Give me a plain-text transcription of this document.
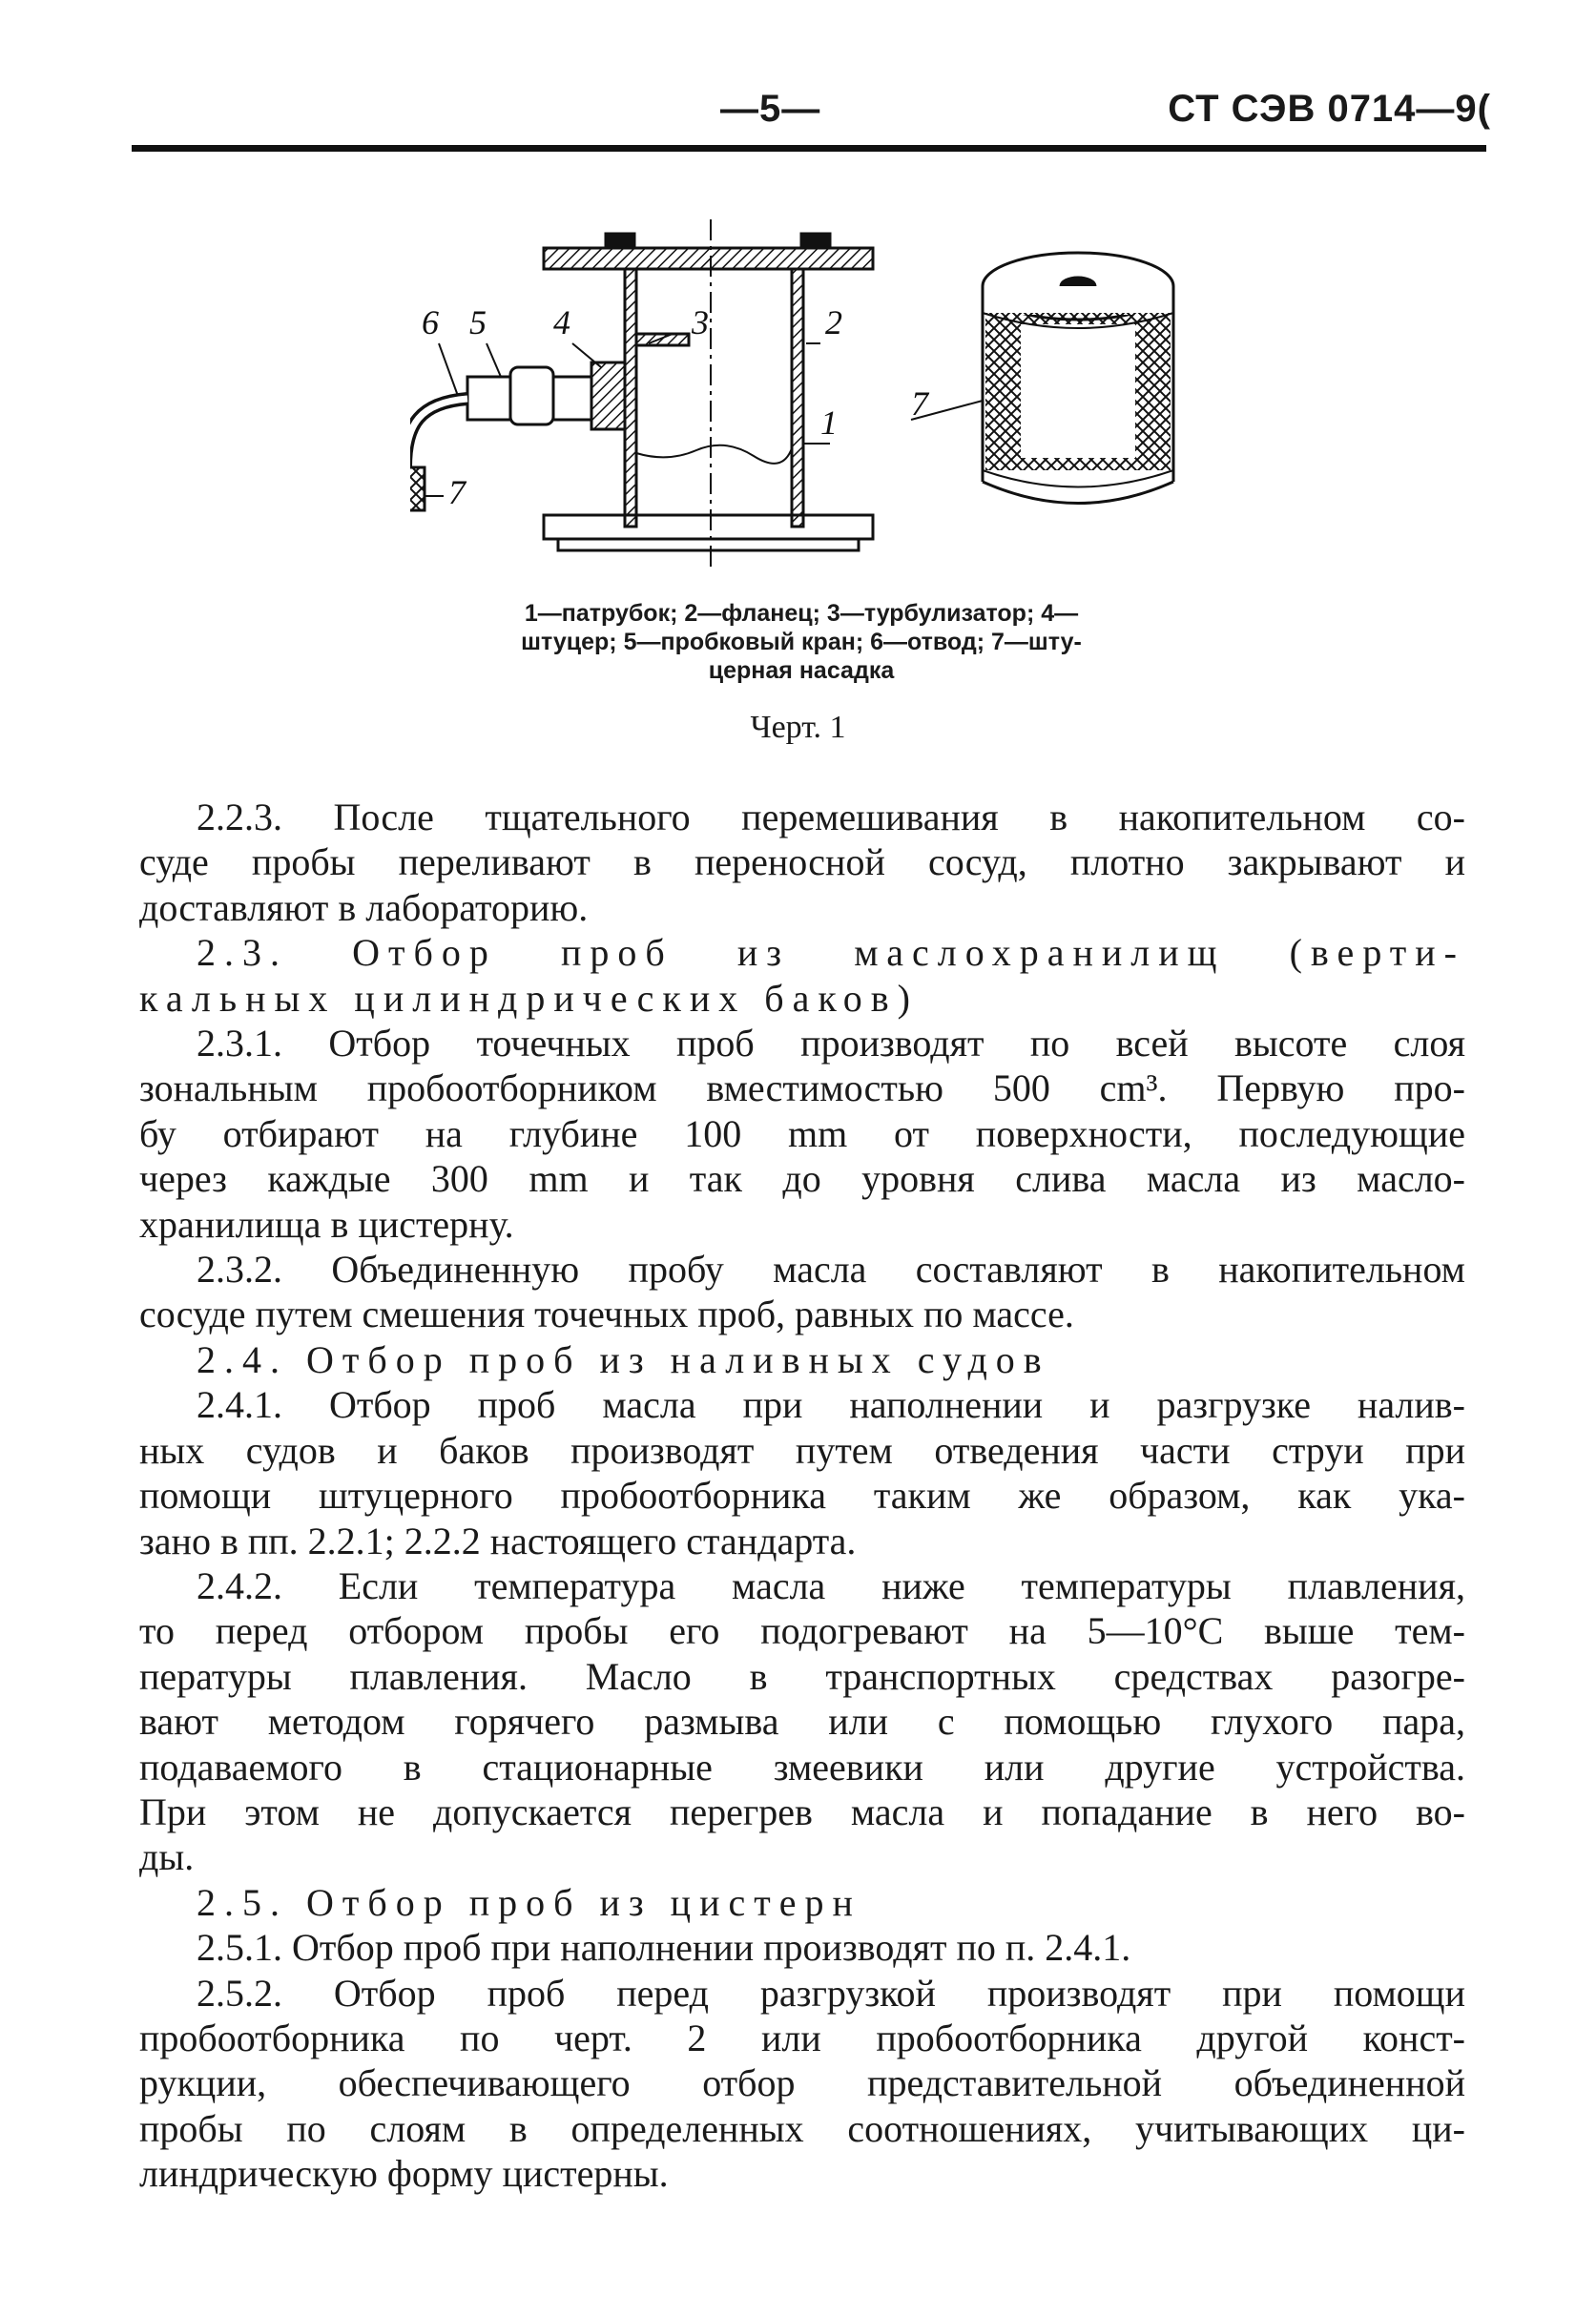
—5—	СТ СЭВ 0714—9(
6 5 4	3	2
1
7
7
1—патрубок; 2—фланец; 3—турбулизатор; 4—
штуцер; 5—пробковый кран; 6—отвод; 7—шту-
церная насадка
Черт. 1

2.2.3. После тщательного перемешивания в накопительном со-

суде пробы переливают в переносной сосуд, плотно закрывают и

доставляют в лабораторию.

2.3. Отбор проб из маслохранилищ (верти-

кальных цилиндрических баков)

2.3.1. Отбор точечных проб производят по всей высоте слоя

зональным пробоотборником вместимостью 500 cm³. Первую про-

бу отбирают на глубине 100 mm от поверхности, последующие

через каждые 300 mm и так до уровня слива масла из масло-

хранилища в цистерну.

2.3.2. Объединенную пробу масла составляют в накопительном

сосуде путем смешения точечных проб, равных по массе.

2.4. Отбор проб из наливных судов

2.4.1. Отбор проб масла при наполнении и разгрузке налив-

ных судов и баков производят путем отведения части струи при

помощи штуцерного пробоотборника таким же образом, как ука-

зано в пп. 2.2.1; 2.2.2 настоящего стандарта.

2.4.2. Если температура масла ниже температуры плавления,

то перед отбором пробы его подогревают на 5—10°С выше тем-

пературы плавления. Масло в транспортных средствах разогре-

вают методом горячего размыва или с помощью глухого пара,

подаваемого в стационарные змеевики или другие устройства.

При этом не допускается перегрев масла и попадание в него во-

ды.

2.5. Отбор проб из цистерн

2.5.1. Отбор проб при наполнении производят по п. 2.4.1.

2.5.2. Отбор проб перед разгрузкой производят при помощи

пробоотборника по черт. 2 или пробоотборника другой конст-

рукции, обеспечивающего отбор представительной объединенной

пробы по слоям в определенных соотношениях, учитывающих ци-

линдрическую форму цистерны.
